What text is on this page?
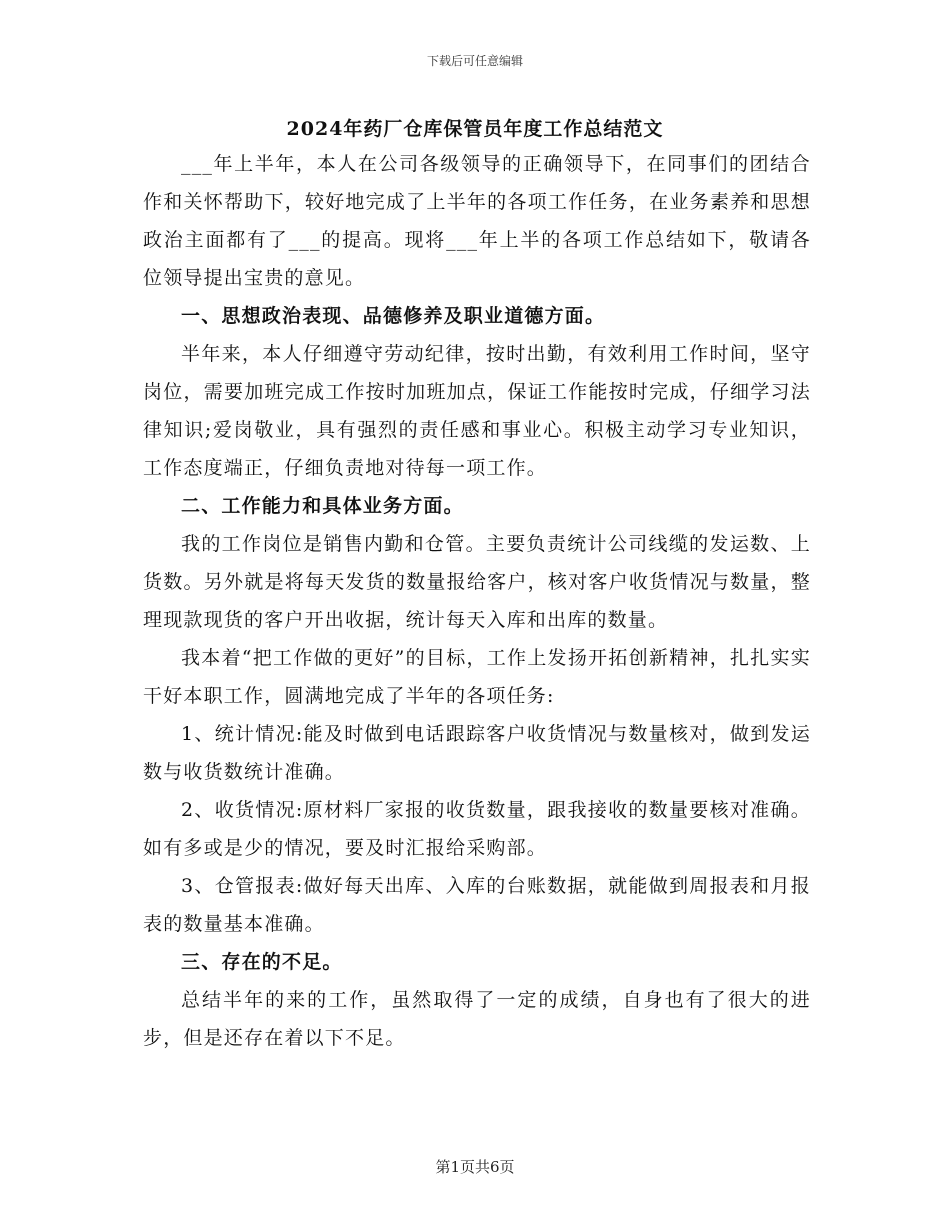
下载后可任意编辑
2024年药厂仓库保管员年度工作总结范文

___年上半年，本人在公司各级领导的正确领导下，在同事们的团结合作和关怀帮助下，较好地完成了上半年的各项工作任务，在业务素养和思想政治主面都有了___的提高。现将___年上半的各项工作总结如下，敬请各位领导提出宝贵的意见。

一、思想政治表现、品德修养及职业道德方面。

半年来，本人仔细遵守劳动纪律，按时出勤，有效利用工作时间，坚守岗位，需要加班完成工作按时加班加点，保证工作能按时完成，仔细学习法律知识;爱岗敬业，具有强烈的责任感和事业心。积极主动学习专业知识，工作态度端正，仔细负责地对待每一项工作。

二、工作能力和具体业务方面。

我的工作岗位是销售内勤和仓管。主要负责统计公司线缆的发运数、上货数。另外就是将每天发货的数量报给客户，核对客户收货情况与数量，整理现款现货的客户开出收据，统计每天入库和出库的数量。

我本着“把工作做的更好”的目标，工作上发扬开拓创新精神，扎扎实实干好本职工作，圆满地完成了半年的各项任务:

1、统计情况:能及时做到电话跟踪客户收货情况与数量核对，做到发运数与收货数统计准确。

2、收货情况:原材料厂家报的收货数量，跟我接收的数量要核对准确。如有多或是少的情况，要及时汇报给采购部。

3、仓管报表:做好每天出库、入库的台账数据，就能做到周报表和月报表的数量基本准确。

三、存在的不足。

总结半年的来的工作，虽然取得了一定的成绩，自身也有了很大的进步，但是还存在着以下不足。

第1页共6页
